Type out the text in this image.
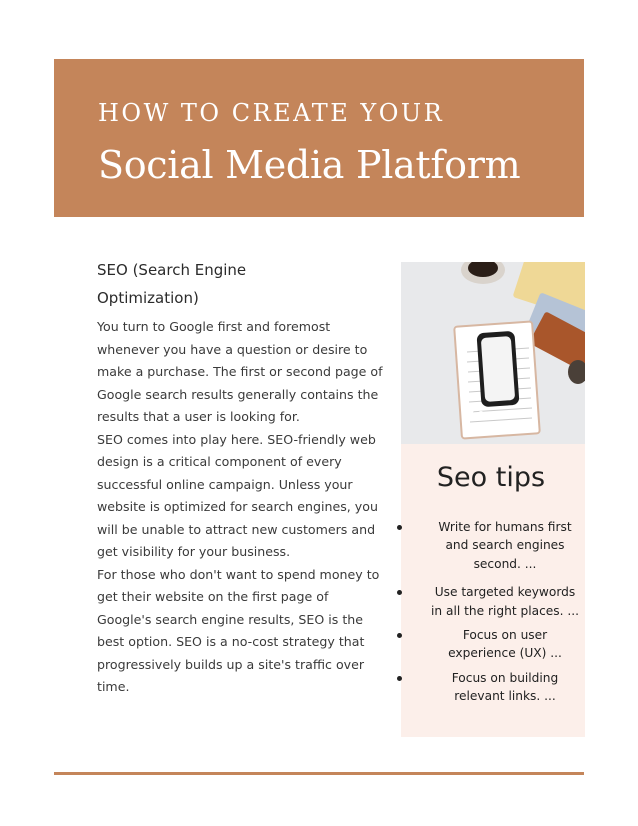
HOW TO CREATE YOUR
Social Media Platform
SEO (Search Engine Optimization)

You turn to Google first and foremost whenever you have a question or desire to make a purchase. The first or second page of Google search results generally contains the results that a user is looking for.

SEO comes into play here. SEO-friendly web design is a critical component of every successful online campaign. Unless your website is optimized for search engines, you will be unable to attract new customers and get visibility for your business.

For those who don't want to spend money to get their website on the first page of Google's search engine results, SEO is the best option. SEO is a no-cost strategy that progressively builds up a site's traffic over time.

Seo tips
Write for humans first and search engines second. ...
Use targeted keywords in all the right places. ...
Focus on user experience (UX) ...
Focus on building relevant links. ...
